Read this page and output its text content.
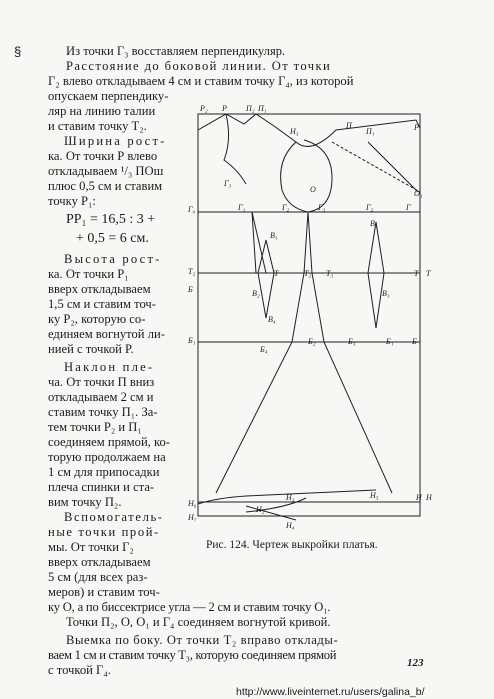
§	Из точки Г₃ восставляем перпендикуляр.
Расстояние до боковой линии. От точки
Г₂ влево откладываем 4 см и ставим точку Г₄, из которой
опускаем перпендику-
ляр на линию талии
и ставим точку Т₂.
Ширина рост-
ка. От точки Р влево
откладываем ¹/₃ ПОш
плюс 0,5 см и ставим
точку Р₁:
РР₁ = 16,5 : 3 +
+ 0,5 = 6 см.
Высота рост-
ка. От точки Р₁
вверх откладываем
1,5 см и ставим точ-
ку Р₂, которую со-
единяем вогнутой ли-
нией с точкой Р.
Наклон пле-
ча. От точки П вниз
откладываем 2 см и
ставим точку П₁. За-
тем точки Р₂ и П₁
соединяем прямой, ко-
торую продолжаем на
1 см для припосадки
плеча спинки и ста-
вим точку П₂.
Вспомогатель-
ные точки прой-
мы. От точки Г₂
вверх откладываем
5 см (для всех раз-
меров) и ставим точ-
ку О, а по биссектрисе угла — 2 см и ставим точку О₁.
Точки П₂, О, О₁ и Г₄ соединяем вогнутой кривой.
Выемка по боку. От точки Т₂ вправо отклады-
ваем 1 см и ставим точку Т₃, которую соединяем прямой
с точкой Г₄.
Р₂ Р П₂ П₁
П	Р
Н₃	П₁
Г₃
О	О₁
Г₀	Г₁	Г₂	Г₃	Г₂	Г
В₁
В₁
Т₂	Т	Т₂ Т₃	Т Т
Б	В₂	В₃
В₄
Б₁
Б₄
Б₂	Б₃	Б₁ Б
Н₃	Н₅	Н Н
Н₆
Н₂
Н₇
Н₄
Рис. 124. Чертеж выкройки платья.
123
http://www.liveinternet.ru/users/galina_b/
